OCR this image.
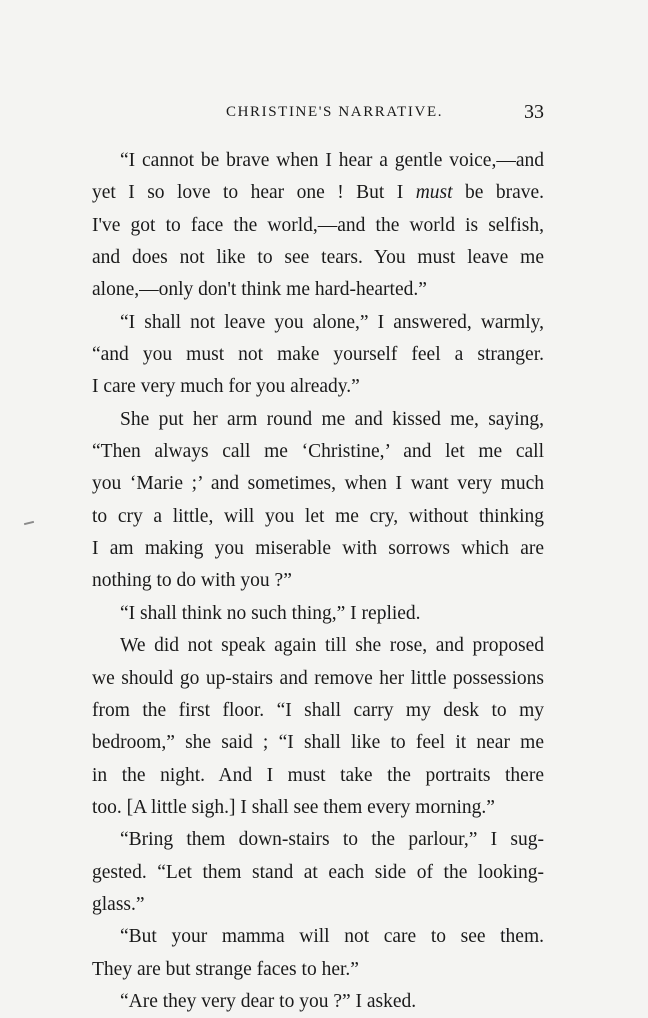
CHRISTINE'S NARRATIVE.	33
“I cannot be brave when I hear a gentle voice,—and
yet I so love to hear one ! But I must be brave.
I've got to face the world,—and the world is selfish,
and does not like to see tears. You must leave me
alone,—only don't think me hard-hearted.”
“I shall not leave you alone,” I answered, warmly,
“and you must not make yourself feel a stranger.
I care very much for you already.”
She put her arm round me and kissed me, saying,
“Then always call me ‘Christine,’ and let me call
you ‘Marie ;’ and sometimes, when I want very much
to cry a little, will you let me cry, without thinking
I am making you miserable with sorrows which are
nothing to do with you ?”
“I shall think no such thing,” I replied.
We did not speak again till she rose, and proposed
we should go up-stairs and remove her little possessions
from the first floor. “I shall carry my desk to my
bedroom,” she said ; “I shall like to feel it near me
in the night. And I must take the portraits there
too. [A little sigh.] I shall see them every morning.”
“Bring them down-stairs to the parlour,” I sug-
gested. “Let them stand at each side of the looking-
glass.”
“But your mamma will not care to see them.
They are but strange faces to her.”
“Are they very dear to you ?” I asked.
